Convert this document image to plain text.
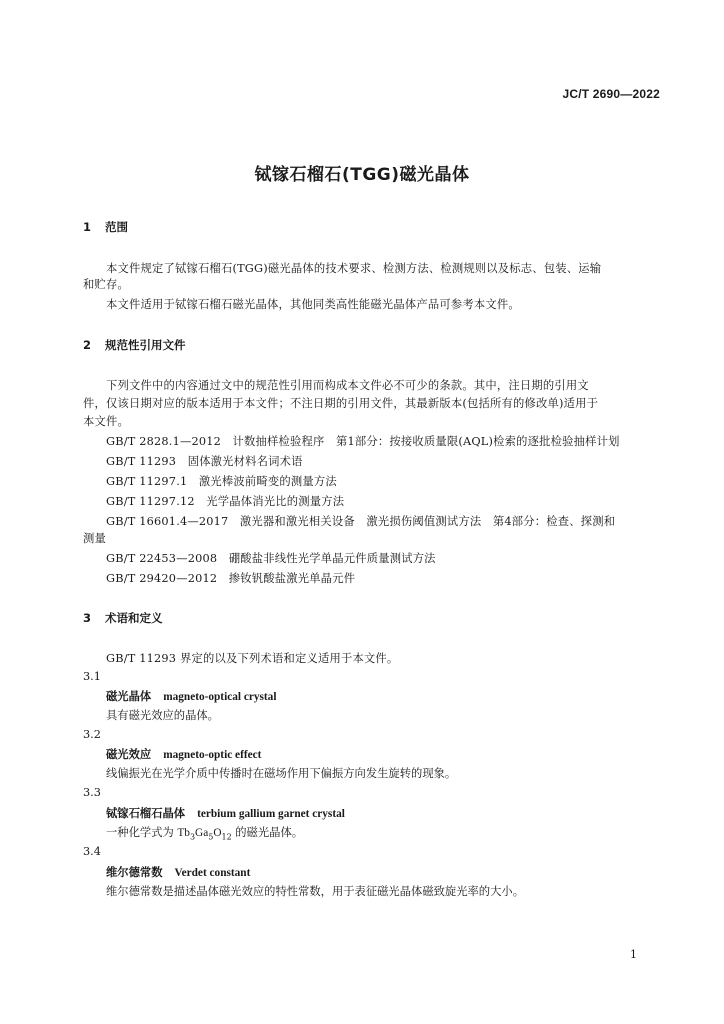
JC/T 2690—2022
铽镓石榴石(TGG)磁光晶体
1 范围
本文件规定了铽镓石榴石(TGG)磁光晶体的技术要求、检测方法、检测规则以及标志、包装、运输
和贮存。
本文件适用于铽镓石榴石磁光晶体，其他同类高性能磁光晶体产品可参考本文件。
2 规范性引用文件
下列文件中的内容通过文中的规范性引用而构成本文件必不可少的条款。其中，注日期的引用文
件，仅该日期对应的版本适用于本文件；不注日期的引用文件，其最新版本(包括所有的修改单)适用于
本文件。
GB/T 2828.1—2012　计数抽样检验程序　第1部分：按接收质量限(AQL)检索的逐批检验抽样计划
GB/T 11293　固体激光材料名词术语
GB/T 11297.1　激光棒波前畸变的测量方法
GB/T 11297.12　光学晶体消光比的测量方法
GB/T 16601.4—2017　激光器和激光相关设备　激光损伤阈值测试方法　第4部分：检查、探测和
测量
GB/T 22453—2008　硼酸盐非线性光学单晶元件质量测试方法
GB/T 29420—2012　掺钕钒酸盐激光单晶元件
3 术语和定义
GB/T 11293 界定的以及下列术语和定义适用于本文件。
3.1
磁光晶体 magneto-optical crystal
具有磁光效应的晶体。
3.2
磁光效应 magneto-optic effect
线偏振光在光学介质中传播时在磁场作用下偏振方向发生旋转的现象。
3.3
铽镓石榴石晶体 terbium gallium garnet crystal
一种化学式为 $Tb_3Ga_5O_{12}$ 的磁光晶体。
3.4
维尔德常数 Verdet constant
维尔德常数是描述晶体磁光效应的特性常数，用于表征磁光晶体磁致旋光率的大小。
1
